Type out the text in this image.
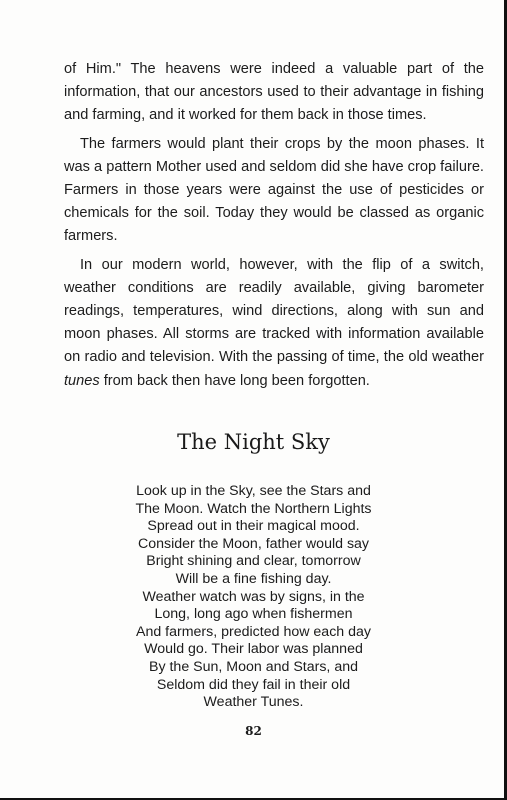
of Him." The heavens were indeed a valuable part of the information, that our ancestors used to their advantage in fishing and farming, and it worked for them back in those times.

The farmers would plant their crops by the moon phases. It was a pattern Mother used and seldom did she have crop failure. Farmers in those years were against the use of pesticides or chemicals for the soil. Today they would be classed as organic farmers.

In our modern world, however, with the flip of a switch, weather conditions are readily available, giving barometer readings, temperatures, wind directions, along with sun and moon phases. All storms are tracked with information available on radio and television. With the passing of time, the old weather tunes from back then have long been forgotten.

The Night Sky
Look up in the Sky, see the Stars and
The Moon. Watch the Northern Lights
Spread out in their magical mood.
Consider the Moon, father would say
Bright shining and clear, tomorrow
Will be a fine fishing day.
Weather watch was by signs, in the
Long, long ago when fishermen
And farmers, predicted how each day
Would go. Their labor was planned
By the Sun, Moon and Stars, and
Seldom did they fail in their old
Weather Tunes.
82
